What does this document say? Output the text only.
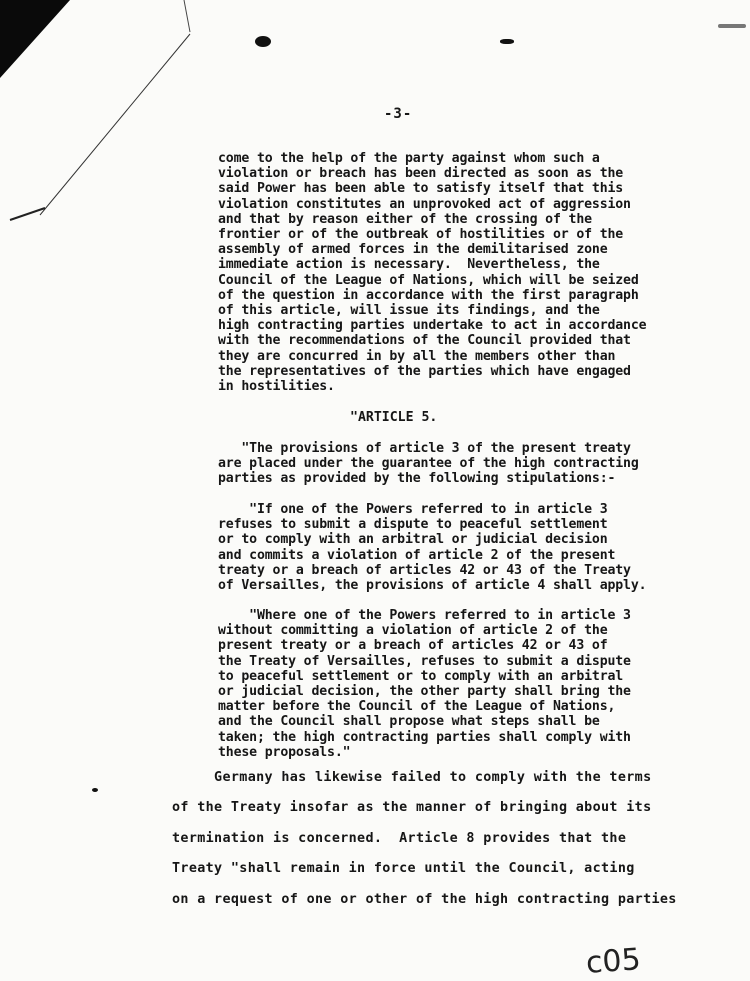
-3-
come to the help of the party against whom such a
violation or breach has been directed as soon as the
said Power has been able to satisfy itself that this
violation constitutes an unprovoked act of aggression
and that by reason either of the crossing of the
frontier or of the outbreak of hostilities or of the
assembly of armed forces in the demilitarised zone
immediate action is necessary.  Nevertheless, the
Council of the League of Nations, which will be seized
of the question in accordance with the first paragraph
of this article, will issue its findings, and the
high contracting parties undertake to act in accordance
with the recommendations of the Council provided that
they are concurred in by all the members other than
the representatives of the parties which have engaged
in hostilities.
"ARTICLE 5.
"The provisions of article 3 of the present treaty
are placed under the guarantee of the high contracting
parties as provided by the following stipulations:-
"If one of the Powers referred to in article 3
refuses to submit a dispute to peaceful settlement
or to comply with an arbitral or judicial decision
and commits a violation of article 2 of the present
treaty or a breach of articles 42 or 43 of the Treaty
of Versailles, the provisions of article 4 shall apply.
"Where one of the Powers referred to in article 3
without committing a violation of article 2 of the
present treaty or a breach of articles 42 or 43 of
the Treaty of Versailles, refuses to submit a dispute
to peaceful settlement or to comply with an arbitral
or judicial decision, the other party shall bring the
matter before the Council of the League of Nations,
and the Council shall propose what steps shall be
taken; the high contracting parties shall comply with
these proposals."
Germany has likewise failed to comply with the terms
of the Treaty insofar as the manner of bringing about its
termination is concerned.  Article 8 provides that the
Treaty "shall remain in force until the Council, acting
on a request of one or other of the high contracting parties
c05
